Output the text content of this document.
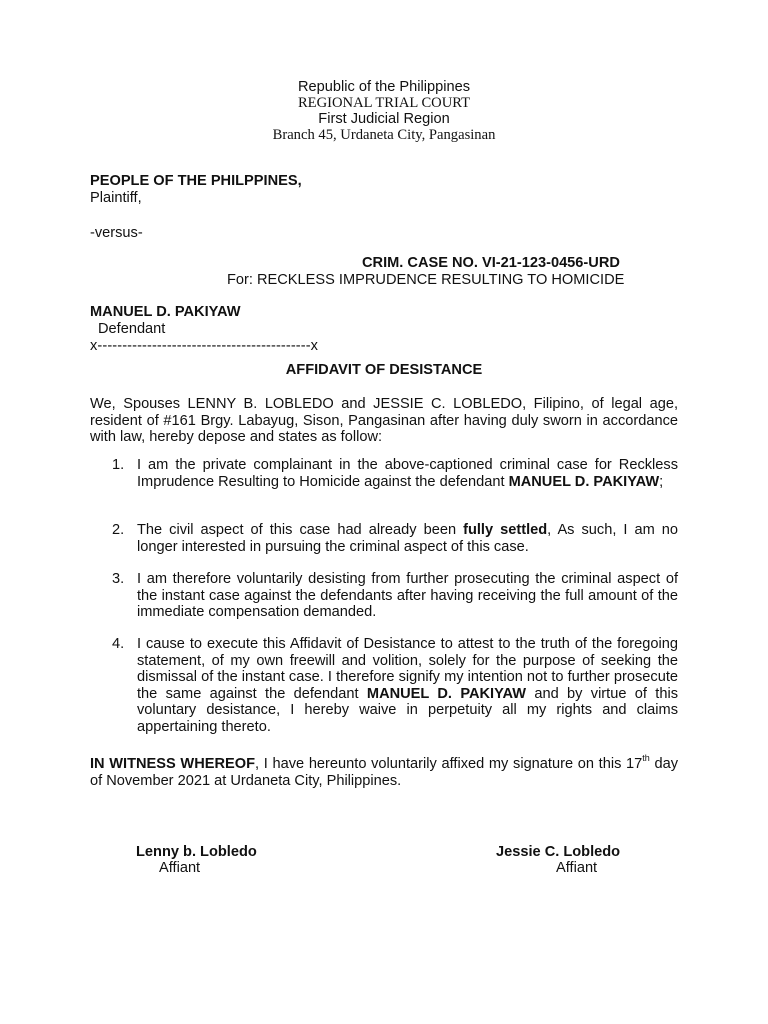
Republic of the Philippines
REGIONAL TRIAL COURT
First Judicial Region
Branch 45, Urdaneta City, Pangasinan
PEOPLE OF THE PHILPPINES,
Plaintiff,
-versus-
CRIM. CASE NO. VI-21-123-0456-URD
For: RECKLESS IMPRUDENCE RESULTING TO HOMICIDE
MANUEL D. PAKIYAW
Defendant
x-------------------------------------------x
AFFIDAVIT OF DESISTANCE
We, Spouses LENNY B. LOBLEDO and JESSIE C. LOBLEDO, Filipino, of legal age, resident of #161 Brgy. Labayug, Sison, Pangasinan after having duly sworn in accordance with law, hereby depose and states as follow:
1. I am the private complainant in the above-captioned criminal case for Reckless Imprudence Resulting to Homicide against the defendant MANUEL D. PAKIYAW;
2. The civil aspect of this case had already been fully settled, As such, I am no longer interested in pursuing the criminal aspect of this case.
3. I am therefore voluntarily desisting from further prosecuting the criminal aspect of the instant case against the defendants after having receiving the full amount of the immediate compensation demanded.
4. I cause to execute this Affidavit of Desistance to attest to the truth of the foregoing statement, of my own freewill and volition, solely for the purpose of seeking the dismissal of the instant case. I therefore signify my intention not to further prosecute the same against the defendant MANUEL D. PAKIYAW and by virtue of this voluntary desistance, I hereby waive in perpetuity all my rights and claims appertaining thereto.
IN WITNESS WHEREOF, I have hereunto voluntarily affixed my signature on this 17th day of November 2021 at Urdaneta City, Philippines.
Lenny b. Lobledo
Affiant
Jessie C. Lobledo
Affiant
